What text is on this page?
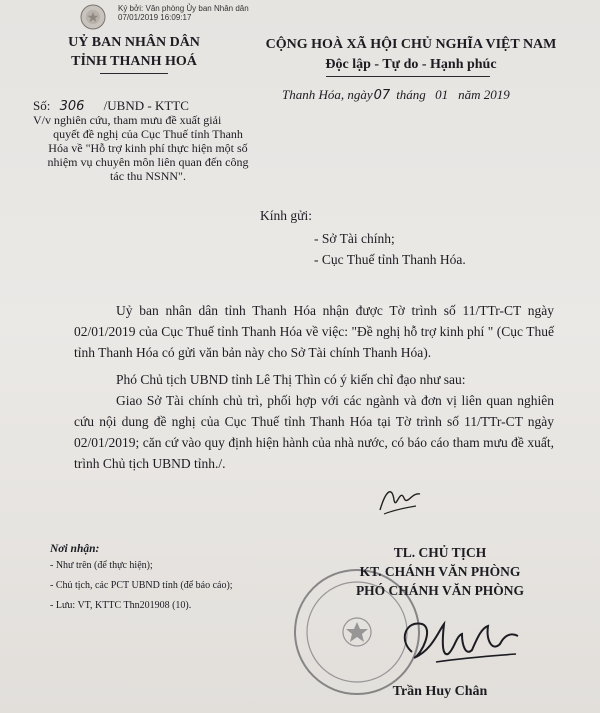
Ký bởi: Văn phòng Ủy ban Nhân dân
07/01/2019 16:09:17
UỶ BAN NHÂN DÂN
TỈNH THANH HOÁ
Số: 306 /UBND - KTTC
V/v nghiên cứu, tham mưu đề xuất giải
quyết đề nghị của Cục Thuế tỉnh Thanh
Hóa về "Hỗ trợ kinh phí thực hiện một số
nhiệm vụ chuyên môn liên quan đến công
tác thu NSNN".
CỘNG HOÀ XÃ HỘI CHỦ NGHĨA VIỆT NAM
Độc lập - Tự do - Hạnh phúc
Thanh Hóa, ngày07 tháng 01 năm 2019
Kính gửi:
- Sở Tài chính;
- Cục Thuế tỉnh Thanh Hóa.

Uỷ ban nhân dân tỉnh Thanh Hóa nhận được Tờ trình số 11/TTr-CT ngày 02/01/2019 của Cục Thuế tỉnh Thanh Hóa về việc: "Đề nghị hỗ trợ kinh phí " (Cục Thuế tỉnh Thanh Hóa có gửi văn bản này cho Sở Tài chính Thanh Hóa).

Phó Chủ tịch UBND tỉnh Lê Thị Thìn có ý kiến chỉ đạo như sau:

Giao Sở Tài chính chủ trì, phối hợp với các ngành và đơn vị liên quan nghiên cứu nội dung đề nghị của Cục Thuế tỉnh Thanh Hóa tại Tờ trình số 11/TTr-CT ngày 02/01/2019; căn cứ vào quy định hiện hành của nhà nước, có báo cáo tham mưu đề xuất, trình Chủ tịch UBND tỉnh./.

Nơi nhận:
- Như trên (để thực hiện);
- Chủ tịch, các PCT UBND tỉnh (để báo cáo);
- Lưu: VT, KTTC Thn201908 (10).
TL. CHỦ TỊCH
KT. CHÁNH VĂN PHÒNG
PHÓ CHÁNH VĂN PHÒNG
Trần Huy Chân
